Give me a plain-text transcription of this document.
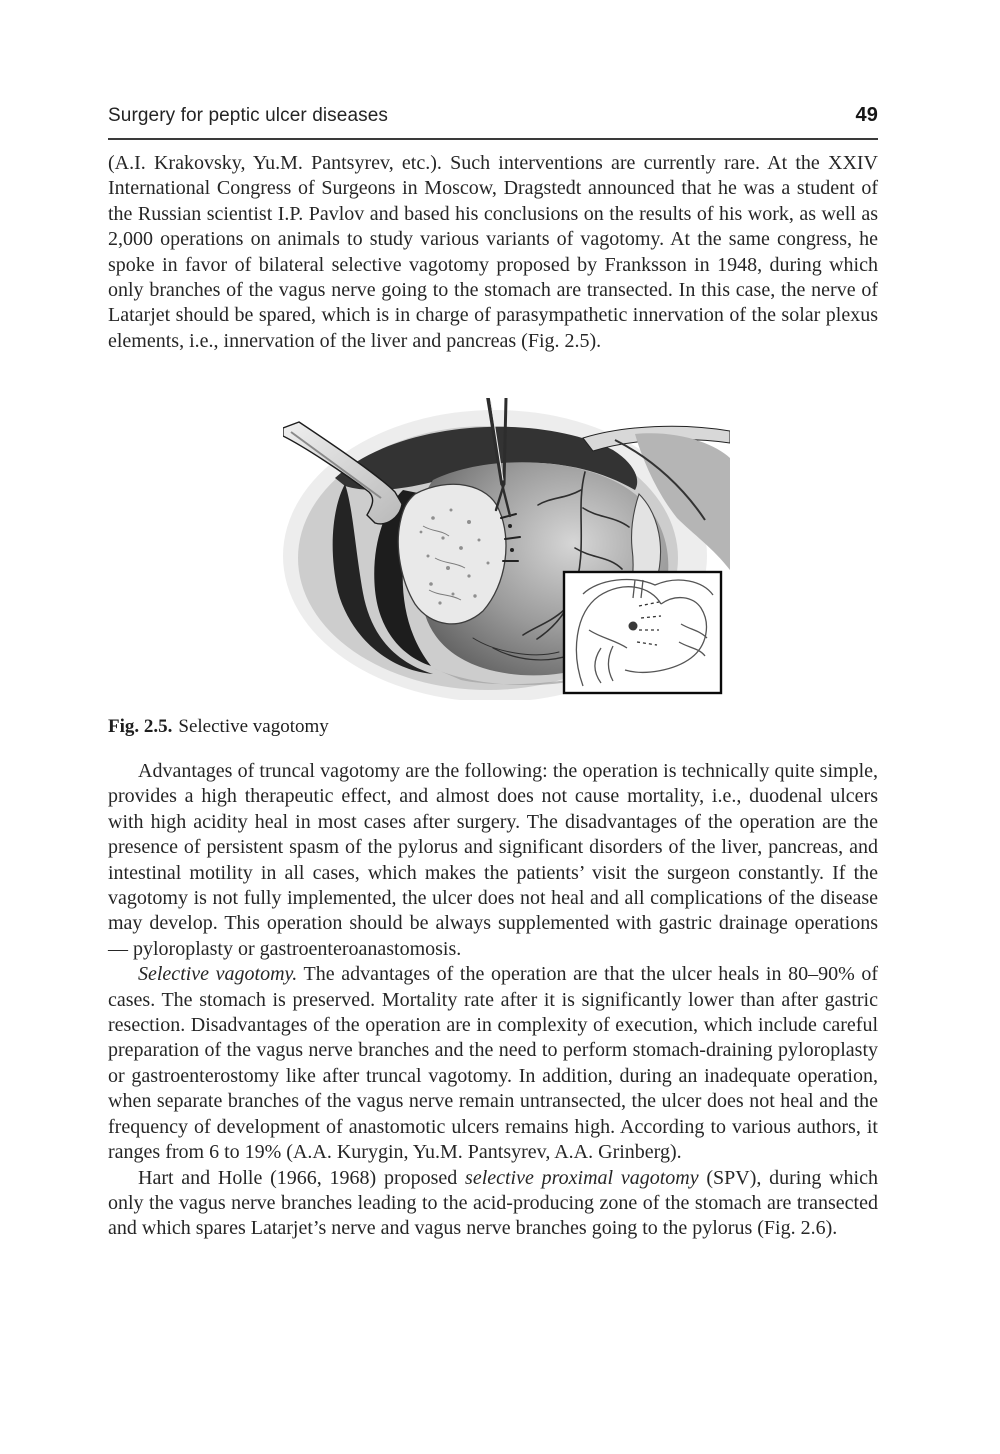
Surgery for peptic ulcer diseases	49

(A.I. Krakovsky, Yu.M. Pantsyrev, etc.). Such interventions are currently rare. At the XXIV International Congress of Surgeons in Moscow, Dragstedt announced that he was a student of the Russian scientist I.P. Pavlov and based his conclusions on the results of his work, as well as 2,000 operations on animals to study various variants of vagotomy. At the same congress, he spoke in favor of bilateral selective vagotomy proposed by Franksson in 1948, during which only branches of the vagus nerve going to the stomach are transected. In this case, the nerve of Latarjet should be spared, which is in charge of parasympathetic innervation of the solar plexus elements, i.e., innervation of the liver and pancreas (Fig. 2.5).

Fig. 2.5. Selective vagotomy

Advantages of truncal vagotomy are the following: the operation is technically quite simple, provides a high therapeutic effect, and almost does not cause mortality, i.e., duodenal ulcers with high acidity heal in most cases after surgery. The disadvantages of the operation are the presence of persistent spasm of the pylorus and significant disorders of the liver, pancreas, and intestinal motility in all cases, which makes the patients’ visit the surgeon constantly. If the vagotomy is not fully implemented, the ulcer does not heal and all complications of the disease may develop. This operation should be always supplemented with gastric drainage operations — pyloroplasty or gastroenteroanastomosis.

Selective vagotomy. The advantages of the operation are that the ulcer heals in 80–90% of cases. The stomach is preserved. Mortality rate after it is significantly lower than after gastric resection. Disadvantages of the operation are in complexity of execution, which include careful preparation of the vagus nerve branches and the need to perform stomach-draining pyloroplasty or gastroenterostomy like after truncal vagotomy. In addition, during an inadequate operation, when separate branches of the vagus nerve remain untransected, the ulcer does not heal and the frequency of development of anastomotic ulcers remains high. According to various authors, it ranges from 6 to 19% (A.A. Kurygin, Yu.M. Pantsyrev, A.A. Grinberg).

Hart and Holle (1966, 1968) proposed selective proximal vagotomy (SPV), during which only the vagus nerve branches leading to the acid-producing zone of the stomach are transected and which spares Latarjet’s nerve and vagus nerve branches going to the pylorus (Fig. 2.6).
